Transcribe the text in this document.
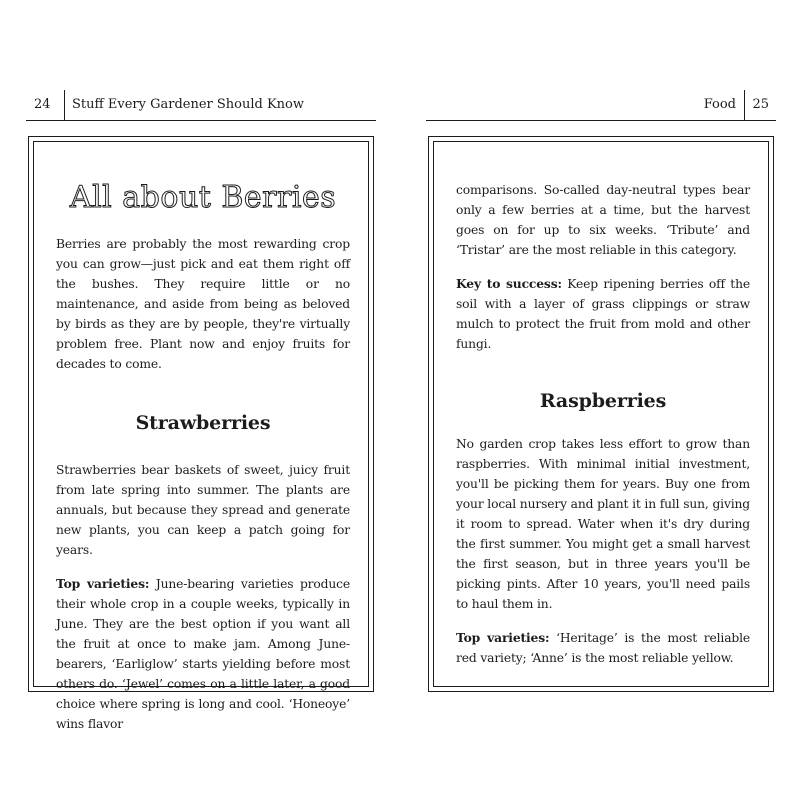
24 Stuff Every Gardener Should Know
All about Berries

Berries are probably the most rewarding crop you can grow—just pick and eat them right off the bushes. They require little or no maintenance, and aside from being as beloved by birds as they are by people, they're virtually problem free. Plant now and enjoy fruits for decades to come.

Strawberries

Strawberries bear baskets of sweet, juicy fruit from late spring into summer. The plants are annuals, but because they spread and generate new plants, you can keep a patch going for years.

Top varieties: June-bearing varieties produce their whole crop in a couple weeks, typically in June. They are the best option if you want all the fruit at once to make jam. Among June-bearers, ‘Earliglow’ starts yielding before most others do. ‘Jewel’ comes on a little later, a good choice where spring is long and cool. ‘Honeoye’ wins flavor

Food 25

comparisons. So-called day-neutral types bear only a few berries at a time, but the harvest goes on for up to six weeks. ‘Tribute’ and ‘Tristar’ are the most reliable in this category.

Key to success: Keep ripening berries off the soil with a layer of grass clippings or straw mulch to protect the fruit from mold and other fungi.

Raspberries

No garden crop takes less effort to grow than raspberries. With minimal initial investment, you'll be picking them for years. Buy one from your local nursery and plant it in full sun, giving it room to spread. Water when it's dry during the first summer. You might get a small harvest the first season, but in three years you'll be picking pints. After 10 years, you'll need pails to haul them in.

Top varieties: ‘Heritage’ is the most reliable red variety; ‘Anne’ is the most reliable yellow.
